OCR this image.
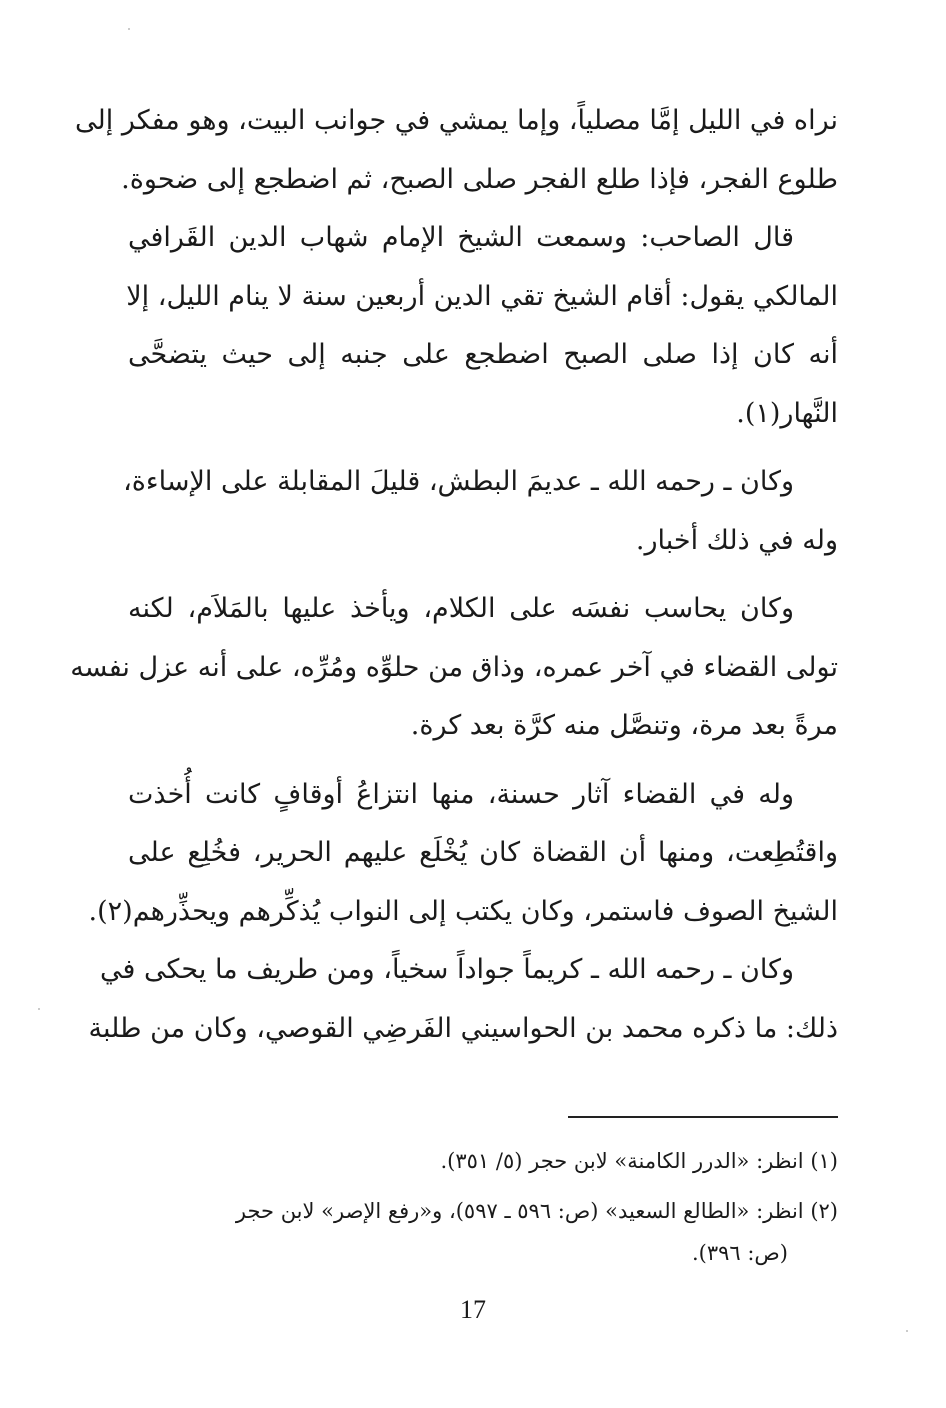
نراه في الليل إمَّا مصلياً، وإما يمشي في جوانب البيت، وهو مفكر إلى
طلوع الفجر، فإذا طلع الفجر صلى الصبح، ثم اضطجع إلى ضحوة.
قال الصاحب: وسمعت الشيخ الإمام شهاب الدين القَرافي
المالكي يقول: أقام الشيخ تقي الدين أربعين سنة لا ينام الليل، إلا
أنه كان إذا صلى الصبح اضطجع على جنبه إلى حيث يتضحَّى
النَّهار(١).
وكان ـ رحمه الله ـ عديمَ البطش، قليلَ المقابلة على الإساءة،
وله في ذلك أخبار.
وكان يحاسب نفسَه على الكلام، ويأخذ عليها بالمَلاَم، لكنه
تولى القضاء في آخر عمره، وذاق من حلوِّه ومُرِّه، على أنه عزل نفسه
مرةً بعد مرة، وتنصَّل منه كرَّة بعد كرة.
وله في القضاء آثار حسنة، منها انتزاعُ أوقافٍ كانت أُخذت
واقتُطِعت، ومنها أن القضاة كان يُخْلَع عليهم الحرير، فخُلِع على
الشيخ الصوف فاستمر، وكان يكتب إلى النواب يُذكِّرهم ويحذِّرهم(٢).
وكان ـ رحمه الله ـ كريماً جواداً سخياً، ومن طريف ما يحكى في
ذلك: ما ذكره محمد بن الحواسيني الفَرضِي القوصي، وكان من طلبة
(١) انظر: «الدرر الكامنة» لابن حجر (٥/ ٣٥١).
(٢) انظر: «الطالع السعيد» (ص: ٥٩٦ ـ ٥٩٧)، و«رفع الإصر» لابن حجر
(ص: ٣٩٦).
17
